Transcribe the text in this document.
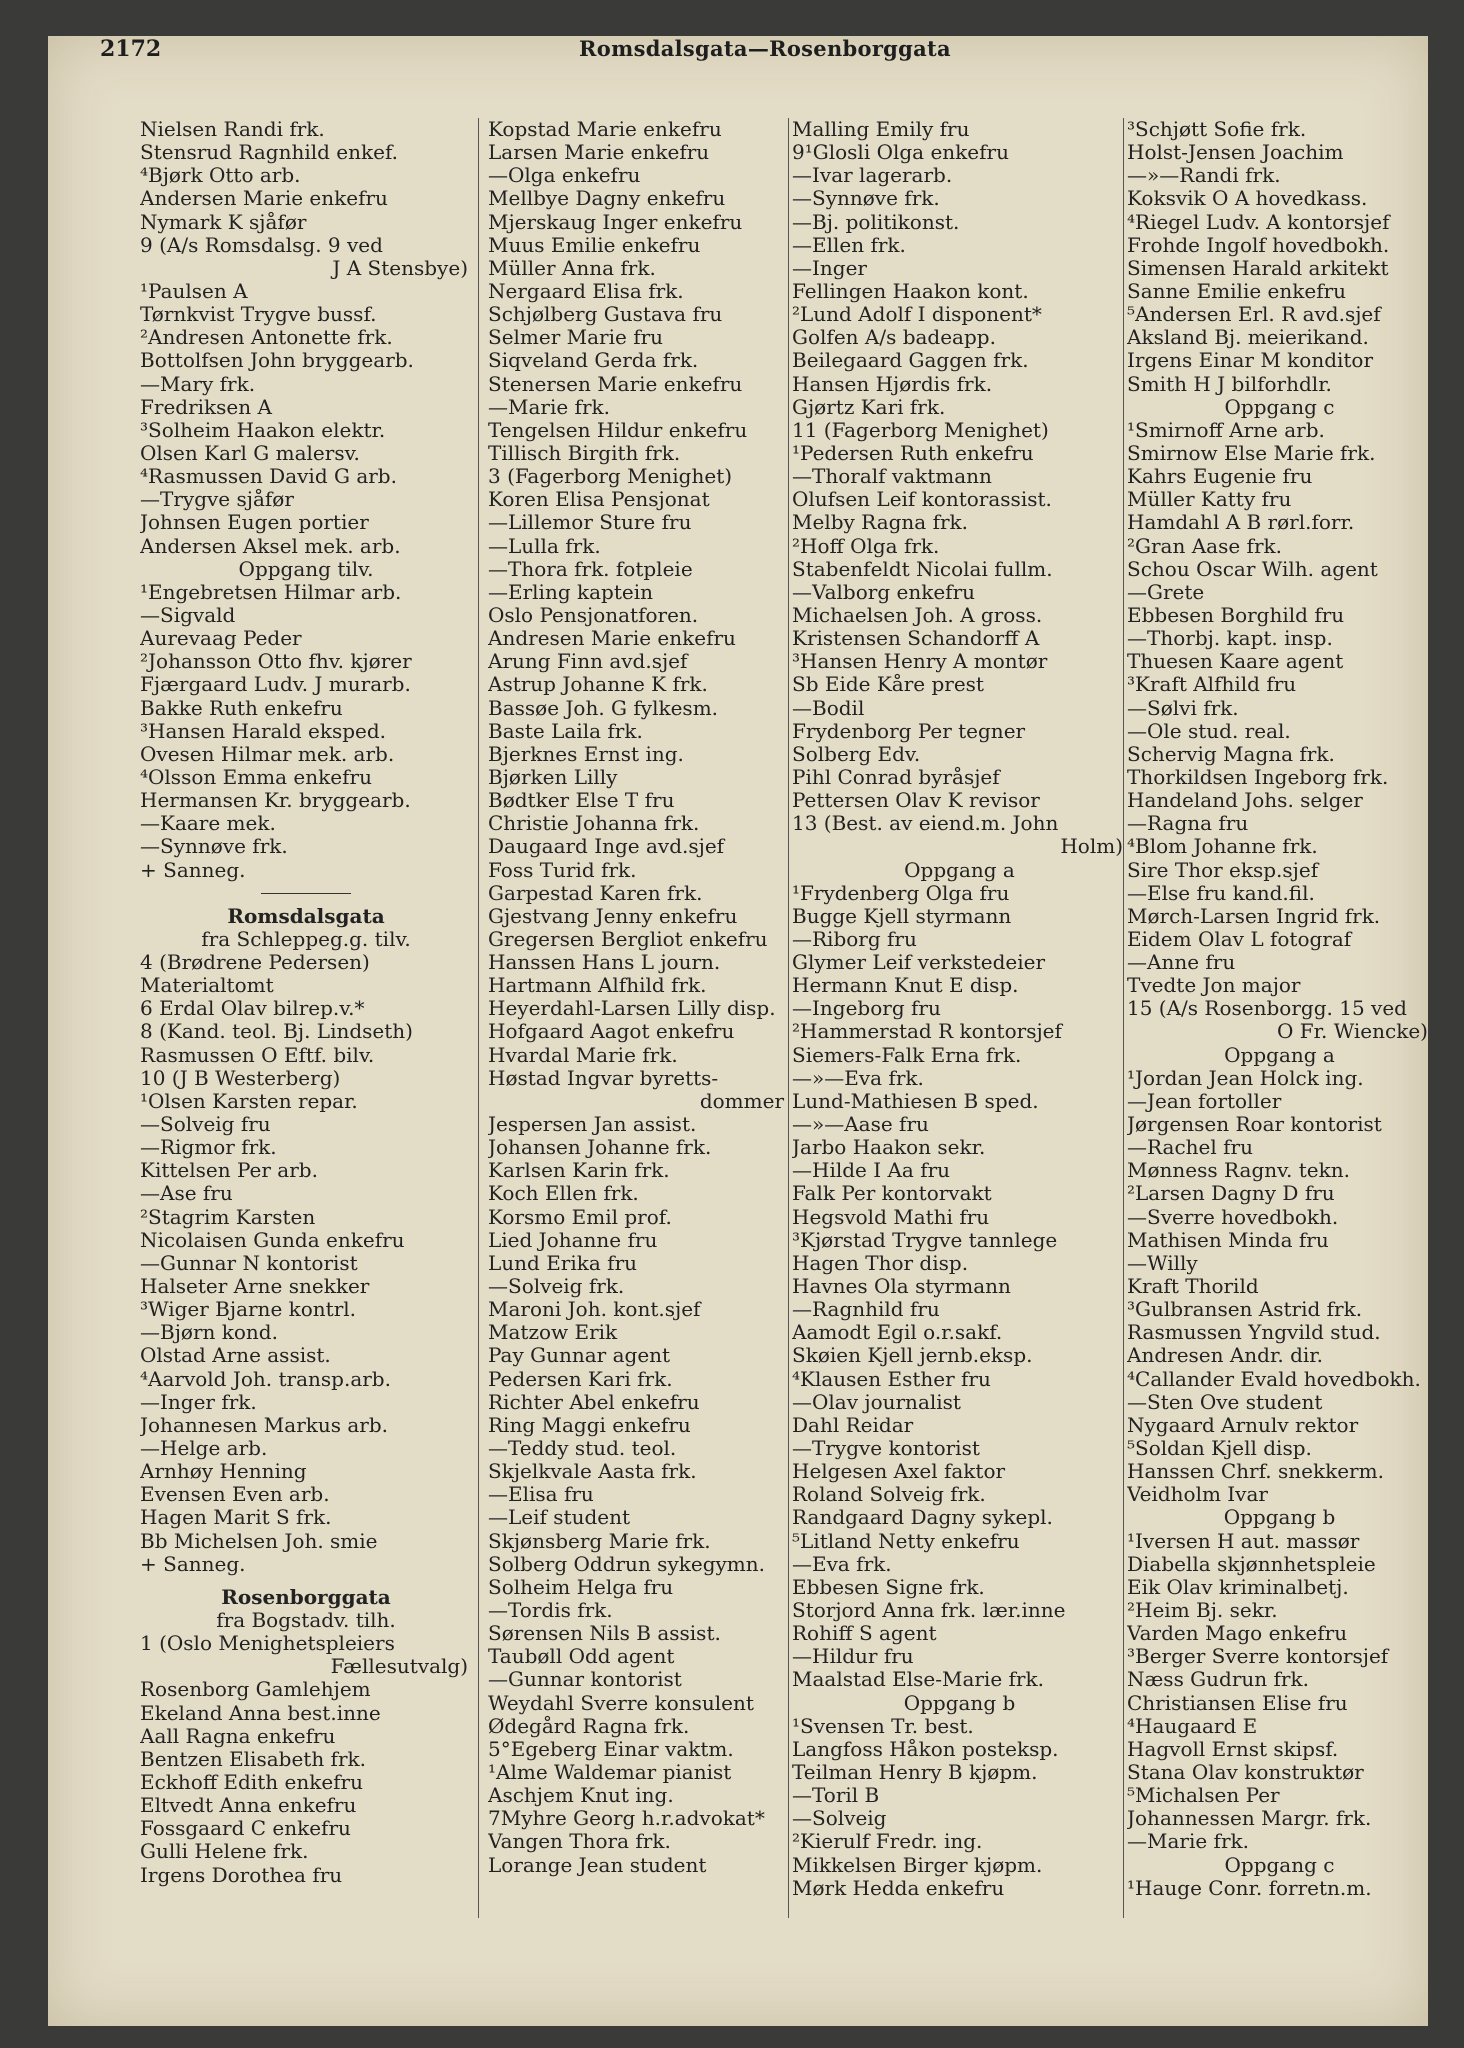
2172	Romsdalsgata—Rosenborggata
Nielsen Randi frk.
Stensrud Ragnhild enkef.
⁴Bjørk Otto arb.
Andersen Marie enkefru
Nymark K sjåfør
9 (A/s Romsdalsg. 9 ved
J A Stensbye)
¹Paulsen A
Tørnkvist Trygve bussf.
²Andresen Antonette frk.
Bottolfsen John bryggearb.
—Mary frk.
Fredriksen A
³Solheim Haakon elektr.
Olsen Karl G malersv.
⁴Rasmussen David G arb.
—Trygve sjåfør
Johnsen Eugen portier
Andersen Aksel mek. arb.
Oppgang tilv.
¹Engebretsen Hilmar arb.
—Sigvald
Aurevaag Peder
²Johansson Otto fhv. kjører
Fjærgaard Ludv. J murarb.
Bakke Ruth enkefru
³Hansen Harald eksped.
Ovesen Hilmar mek. arb.
⁴Olsson Emma enkefru
Hermansen Kr. bryggearb.
—Kaare mek.
—Synnøve frk.
+ Sanneg.
Romsdalsgata
fra Schleppeg.g. tilv.
4 (Brødrene Pedersen)
Materialtomt
6 Erdal Olav bilrep.v.*
8 (Kand. teol. Bj. Lindseth)
Rasmussen O Eftf. bilv.
10 (J B Westerberg)
¹Olsen Karsten repar.
—Solveig fru
—Rigmor frk.
Kittelsen Per arb.
—Ase fru
²Stagrim Karsten
Nicolaisen Gunda enkefru
—Gunnar N kontorist
Halseter Arne snekker
³Wiger Bjarne kontrl.
—Bjørn kond.
Olstad Arne assist.
⁴Aarvold Joh. transp.arb.
—Inger frk.
Johannesen Markus arb.
—Helge arb.
Arnhøy Henning
Evensen Even arb.
Hagen Marit S frk.
Bb Michelsen Joh. smie
+ Sanneg.
Rosenborggata
fra Bogstadv. tilh.
1 (Oslo Menighetspleiers
Fællesutvalg)
Rosenborg Gamlehjem
Ekeland Anna best.inne
Aall Ragna enkefru
Bentzen Elisabeth frk.
Eckhoff Edith enkefru
Eltvedt Anna enkefru
Fossgaard C enkefru
Gulli Helene frk.
Irgens Dorothea fru
Kopstad Marie enkefru
Larsen Marie enkefru
—Olga enkefru
Mellbye Dagny enkefru
Mjerskaug Inger enkefru
Muus Emilie enkefru
Müller Anna frk.
Nergaard Elisa frk.
Schjølberg Gustava fru
Selmer Marie fru
Siqveland Gerda frk.
Stenersen Marie enkefru
—Marie frk.
Tengelsen Hildur enkefru
Tillisch Birgith frk.
3 (Fagerborg Menighet)
Koren Elisa Pensjonat
—Lillemor Sture fru
—Lulla frk.
—Thora frk. fotpleie
—Erling kaptein
Oslo Pensjonatforen.
Andresen Marie enkefru
Arung Finn avd.sjef
Astrup Johanne K frk.
Bassøe Joh. G fylkesm.
Baste Laila frk.
Bjerknes Ernst ing.
Bjørken Lilly
Bødtker Else T fru
Christie Johanna frk.
Daugaard Inge avd.sjef
Foss Turid frk.
Garpestad Karen frk.
Gjestvang Jenny enkefru
Gregersen Bergliot enkefru
Hanssen Hans L journ.
Hartmann Alfhild frk.
Heyerdahl-Larsen Lilly disp.
Hofgaard Aagot enkefru
Hvardal Marie frk.
Høstad Ingvar byretts-
dommer
Jespersen Jan assist.
Johansen Johanne frk.
Karlsen Karin frk.
Koch Ellen frk.
Korsmo Emil prof.
Lied Johanne fru
Lund Erika fru
—Solveig frk.
Maroni Joh. kont.sjef
Matzow Erik
Pay Gunnar agent
Pedersen Kari frk.
Richter Abel enkefru
Ring Maggi enkefru
—Teddy stud. teol.
Skjelkvale Aasta frk.
—Elisa fru
—Leif student
Skjønsberg Marie frk.
Solberg Oddrun sykegymn.
Solheim Helga fru
—Tordis frk.
Sørensen Nils B assist.
Taubøll Odd agent
—Gunnar kontorist
Weydahl Sverre konsulent
Ødegård Ragna frk.
5°Egeberg Einar vaktm.
¹Alme Waldemar pianist
Aschjem Knut ing.
7Myhre Georg h.r.advokat*
Vangen Thora frk.
Lorange Jean student
Malling Emily fru
9¹Glosli Olga enkefru
—Ivar lagerarb.
—Synnøve frk.
—Bj. politikonst.
—Ellen frk.
—Inger
Fellingen Haakon kont.
²Lund Adolf I disponent*
Golfen A/s badeapp.
Beilegaard Gaggen frk.
Hansen Hjørdis frk.
Gjørtz Kari frk.
11 (Fagerborg Menighet)
¹Pedersen Ruth enkefru
—Thoralf vaktmann
Olufsen Leif kontorassist.
Melby Ragna frk.
²Hoff Olga frk.
Stabenfeldt Nicolai fullm.
—Valborg enkefru
Michaelsen Joh. A gross.
Kristensen Schandorff A
³Hansen Henry A montør
Sb Eide Kåre prest
—Bodil
Frydenborg Per tegner
Solberg Edv.
Pihl Conrad byråsjef
Pettersen Olav K revisor
13 (Best. av eiend.m. John
Holm)
Oppgang a
¹Frydenberg Olga fru
Bugge Kjell styrmann
—Riborg fru
Glymer Leif verkstedeier
Hermann Knut E disp.
—Ingeborg fru
²Hammerstad R kontorsjef
Siemers-Falk Erna frk.
—»—Eva frk.
Lund-Mathiesen B sped.
—»—Aase fru
Jarbo Haakon sekr.
—Hilde I Aa fru
Falk Per kontorvakt
Hegsvold Mathi fru
³Kjørstad Trygve tannlege
Hagen Thor disp.
Havnes Ola styrmann
—Ragnhild fru
Aamodt Egil o.r.sakf.
Skøien Kjell jernb.eksp.
⁴Klausen Esther fru
—Olav journalist
Dahl Reidar
—Trygve kontorist
Helgesen Axel faktor
Roland Solveig frk.
Randgaard Dagny sykepl.
⁵Litland Netty enkefru
—Eva frk.
Ebbesen Signe frk.
Storjord Anna frk. lær.inne
Rohiff S agent
—Hildur fru
Maalstad Else-Marie frk.
Oppgang b
¹Svensen Tr. best.
Langfoss Håkon posteksp.
Teilman Henry B kjøpm.
—Toril B
—Solveig
²Kierulf Fredr. ing.
Mikkelsen Birger kjøpm.
Mørk Hedda enkefru
³Schjøtt Sofie frk.
Holst-Jensen Joachim
—»—Randi frk.
Koksvik O A hovedkass.
⁴Riegel Ludv. A kontorsjef
Frohde Ingolf hovedbokh.
Simensen Harald arkitekt
Sanne Emilie enkefru
⁵Andersen Erl. R avd.sjef
Aksland Bj. meierikand.
Irgens Einar M konditor
Smith H J bilforhdlr.
Oppgang c
¹Smirnoff Arne arb.
Smirnow Else Marie frk.
Kahrs Eugenie fru
Müller Katty fru
Hamdahl A B rørl.forr.
²Gran Aase frk.
Schou Oscar Wilh. agent
—Grete
Ebbesen Borghild fru
—Thorbj. kapt. insp.
Thuesen Kaare agent
³Kraft Alfhild fru
—Sølvi frk.
—Ole stud. real.
Schervig Magna frk.
Thorkildsen Ingeborg frk.
Handeland Johs. selger
—Ragna fru
⁴Blom Johanne frk.
Sire Thor eksp.sjef
—Else fru kand.fil.
Mørch-Larsen Ingrid frk.
Eidem Olav L fotograf
—Anne fru
Tvedte Jon major
15 (A/s Rosenborgg. 15 ved
O Fr. Wiencke)
Oppgang a
¹Jordan Jean Holck ing.
—Jean fortoller
Jørgensen Roar kontorist
—Rachel fru
Mønness Ragnv. tekn.
²Larsen Dagny D fru
—Sverre hovedbokh.
Mathisen Minda fru
—Willy
Kraft Thorild
³Gulbransen Astrid frk.
Rasmussen Yngvild stud.
Andresen Andr. dir.
⁴Callander Evald hovedbokh.
—Sten Ove student
Nygaard Arnulv rektor
⁵Soldan Kjell disp.
Hanssen Chrf. snekkerm.
Veidholm Ivar
Oppgang b
¹Iversen H aut. massør
Diabella skjønnhetspleie
Eik Olav kriminalbetj.
²Heim Bj. sekr.
Varden Mago enkefru
³Berger Sverre kontorsjef
Næss Gudrun frk.
Christiansen Elise fru
⁴Haugaard E
Hagvoll Ernst skipsf.
Stana Olav konstruktør
⁵Michalsen Per
Johannessen Margr. frk.
—Marie frk.
Oppgang c
¹Hauge Conr. forretn.m.
